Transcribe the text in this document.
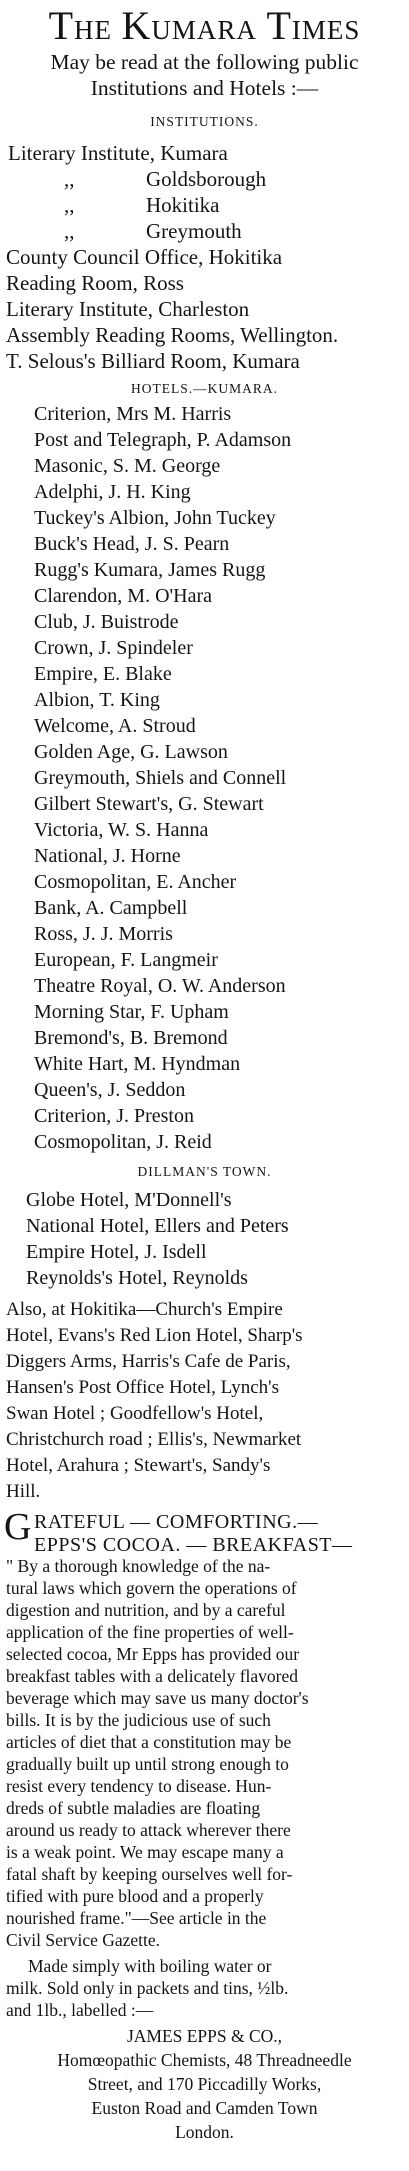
THE KUMARA TIMES
May be read at the following public
Institutions and Hotels :—
INSTITUTIONS.
Literary Institute, Kumara
,,	Goldsborough
,,	Hokitika
,,	Greymouth
County Council Office, Hokitika
Reading Room, Ross
Literary Institute, Charleston
Assembly Reading Rooms, Wellington.
T. Selous's Billiard Room, Kumara
HOTELS.—KUMARA.
Criterion, Mrs M. Harris
Post and Telegraph, P. Adamson
Masonic, S. M. George
Adelphi, J. H. King
Tuckey's Albion, John Tuckey
Buck's Head, J. S. Pearn
Rugg's Kumara, James Rugg
Clarendon, M. O'Hara
Club, J. Buistrode
Crown, J. Spindeler
Empire, E. Blake
Albion, T. King
Welcome, A. Stroud
Golden Age, G. Lawson
Greymouth, Shiels and Connell
Gilbert Stewart's, G. Stewart
Victoria, W. S. Hanna
National, J. Horne
Cosmopolitan, E. Ancher
Bank, A. Campbell
Ross, J. J. Morris
European, F. Langmeir
Theatre Royal, O. W. Anderson
Morning Star, F. Upham
Bremond's, B. Bremond
White Hart, M. Hyndman
Queen's, J. Seddon
Criterion, J. Preston
Cosmopolitan, J. Reid
DILLMAN'S TOWN.
Globe Hotel, M'Donnell's
National Hotel, Ellers and Peters
Empire Hotel, J. Isdell
Reynolds's Hotel, Reynolds
Also, at Hokitika—Church's Empire
Hotel, Evans's Red Lion Hotel, Sharp's
Diggers Arms, Harris's Cafe de Paris,
Hansen's Post Office Hotel, Lynch's
Swan Hotel ; Goodfellow's Hotel,
Christchurch road ; Ellis's, Newmarket
Hotel, Arahura ; Stewart's, Sandy's
Hill.
G RATEFUL — COMFORTING.—
EPPS'S COCOA. — BREAKFAST—
" By a thorough knowledge of the na-
tural laws which govern the operations of
digestion and nutrition, and by a careful
application of the fine properties of well-
selected cocoa, Mr Epps has provided our
breakfast tables with a delicately flavored
beverage which may save us many doctor's
bills. It is by the judicious use of such
articles of diet that a constitution may be
gradually built up until strong enough to
resist every tendency to disease. Hun-
dreds of subtle maladies are floating
around us ready to attack wherever there
is a weak point. We may escape many a
fatal shaft by keeping ourselves well for-
tified with pure blood and a properly
nourished frame."—See article in the
Civil Service Gazette.
Made simply with boiling water or
milk. Sold only in packets and tins, ½lb.
and 1lb., labelled :—
JAMES EPPS & CO.,
Homœopathic Chemists, 48 Threadneedle
Street, and 170 Piccadilly Works,
Euston Road and Camden Town
London.
